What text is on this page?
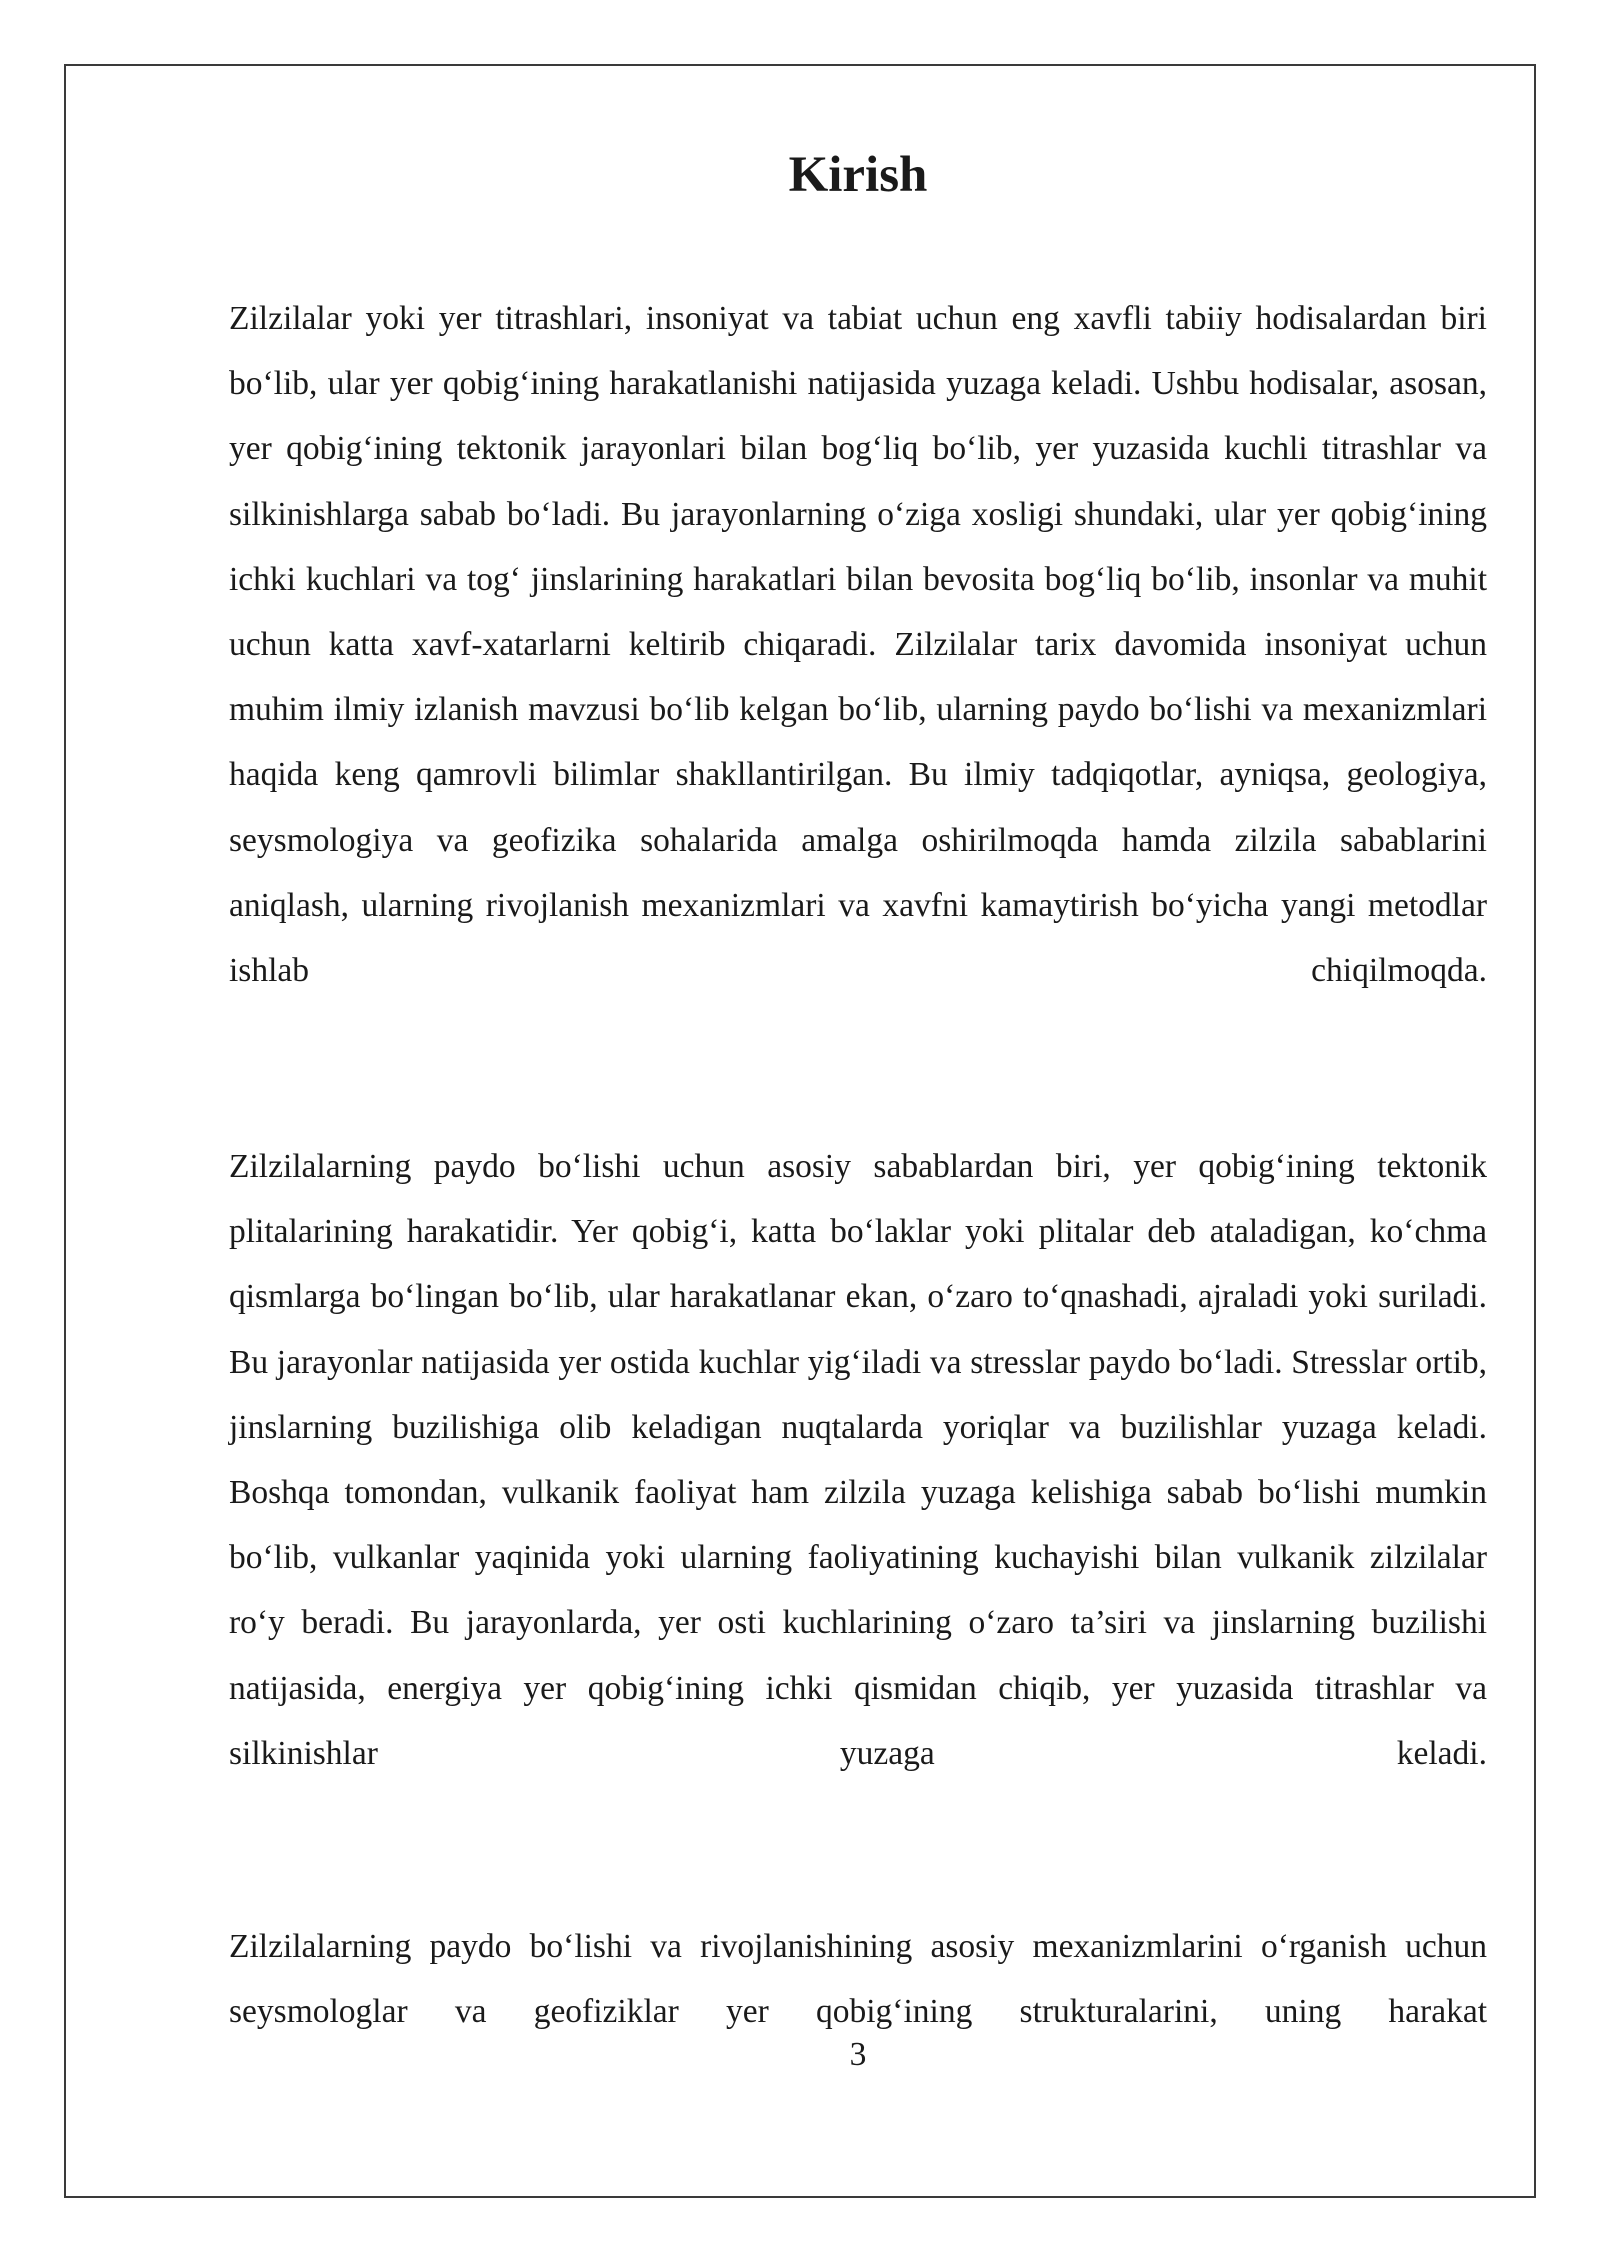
Kirish

Zilzilalar yoki yer titrashlari, insoniyat va tabiat uchun eng xavfli tabiiy hodisalardan biri bo‘lib, ular yer qobig‘ining harakatlanishi natijasida yuzaga keladi. Ushbu hodisalar, asosan, yer qobig‘ining tektonik jarayonlari bilan bog‘liq bo‘lib, yer yuzasida kuchli titrashlar va silkinishlarga sabab bo‘ladi. Bu jarayonlarning o‘ziga xosligi shundaki, ular yer qobig‘ining ichki kuchlari va tog‘ jinslarining harakatlari bilan bevosita bog‘liq bo‘lib, insonlar va muhit uchun katta xavf-xatarlarni keltirib chiqaradi. Zilzilalar tarix davomida insoniyat uchun muhim ilmiy izlanish mavzusi bo‘lib kelgan bo‘lib, ularning paydo bo‘lishi va mexanizmlari haqida keng qamrovli bilimlar shakllantirilgan. Bu ilmiy tadqiqotlar, ayniqsa, geologiya, seysmologiya va geofizika sohalarida amalga oshirilmoqda hamda zilzila sabablarini aniqlash, ularning rivojlanish mexanizmlari va xavfni kamaytirish bo‘yicha yangi metodlar ishlab chiqilmoqda.

Zilzilalarning paydo bo‘lishi uchun asosiy sabablardan biri, yer qobig‘ining tektonik plitalarining harakatidir. Yer qobig‘i, katta bo‘laklar yoki plitalar deb ataladigan, ko‘chma qismlarga bo‘lingan bo‘lib, ular harakatlanar ekan, o‘zaro to‘qnashadi, ajraladi yoki suriladi. Bu jarayonlar natijasida yer ostida kuchlar yig‘iladi va stresslar paydo bo‘ladi. Stresslar ortib, jinslarning buzilishiga olib keladigan nuqtalarda yoriqlar va buzilishlar yuzaga keladi. Boshqa tomondan, vulkanik faoliyat ham zilzila yuzaga kelishiga sabab bo‘lishi mumkin bo‘lib, vulkanlar yaqinida yoki ularning faoliyatining kuchayishi bilan vulkanik zilzilalar ro‘y beradi. Bu jarayonlarda, yer osti kuchlarining o‘zaro ta’siri va jinslarning buzilishi natijasida, energiya yer qobig‘ining ichki qismidan chiqib, yer yuzasida titrashlar va silkinishlar yuzaga keladi.

Zilzilalarning paydo bo‘lishi va rivojlanishining asosiy mexanizmlarini o‘rganish uchun seysmologlar va geofiziklar yer qobig‘ining strukturalarini, uning harakat

3
